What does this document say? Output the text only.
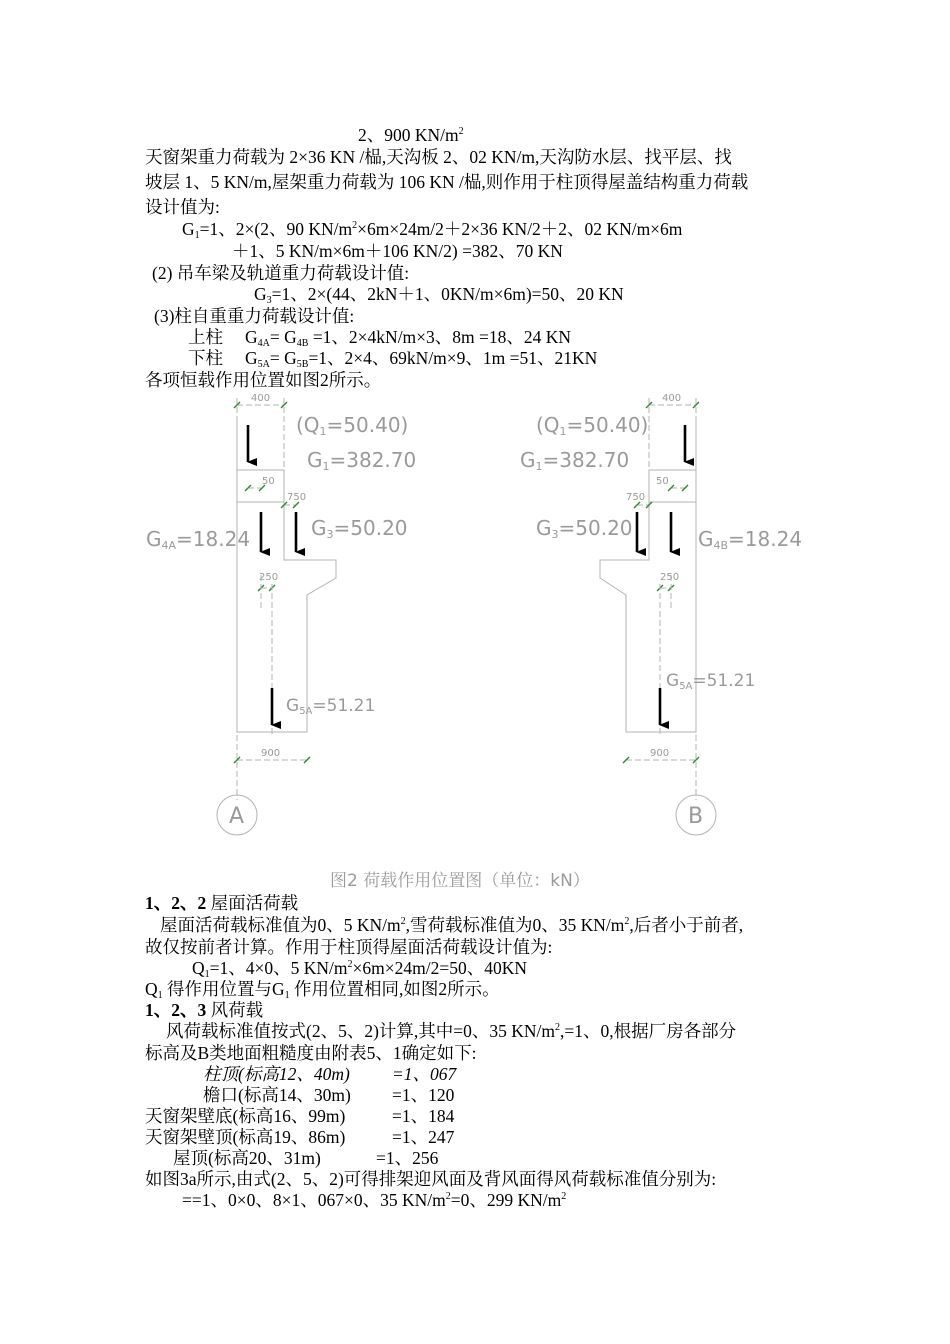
2、900 $KN/m^2$
天窗架重力荷载为 2×36 KN /榀,天沟板 2、02 KN/m,天沟防水层、找平层、找
坡层 1、5 KN/m,屋架重力荷载为 106 KN /榀,则作用于柱顶得屋盖结构重力荷载
设计值为:
$G_1=1$、2×(2、90 $KN/m^2\times 6m\times 24m/2+2\times 36$ KN/2＋2、02 KN/m×6m
＋1、5 KN/m×6m＋106 KN/2) =382、70 KN
(2) 吊车梁及轨道重力荷载设计值:
$G_3=1$、2×(44、2kN＋1、0KN/m×6m)=50、20 KN
(3)柱自重重力荷载设计值:
上柱 $G_{4A}= G_{4B} =1$、2×4kN/m×3、8m =18、24 KN
下柱 $G_{5A}= G_{5B}=1$、2×4、69kN/m×9、1m =51、21KN
各项恒载作用位置如图2所示。
400
50
750
250
900
400
50
750
250
900
(Q1=50.40)
G1=382.70
G3=50.20
G4A=18.24
G5A=51.21
A
(Q1=50.40)
G1=382.70
G3=50.20	G4B=18.24
G5A=51.21
B
图2 荷载作用位置图（单位：kN）
1、2、2 屋面活荷载
屋面活荷载标准值为0、5 $KN/m^2$,雪荷载标准值为0、35 $KN/m^2$,后者小于前者,
故仅按前者计算。作用于柱顶得屋面活荷载设计值为:
$Q_1=1$、4×0、5 $KN/m^2\times 6m\times 24m/2=50$、40KN
$Q_1$ 得作用位置与$G_1$ 作用位置相同,如图2所示。
1、2、3 风荷载
风荷载标准值按式(2、5、2)计算,其中=0、35 $KN/m^2,=1$、0,根据厂房各部分
标高及B类地面粗糙度由附表5、1确定如下:
柱顶(标高12、40m) =1、067
檐口(标高14、30m) =1、120
天窗架壁底(标高16、99m)	=1、184
天窗架壁顶(标高19、86m)	=1、247
屋顶(标高20、31m)	=1、256
如图3a所示,由式(2、5、2)可得排架迎风面及背风面得风荷载标准值分别为:
==1、0×0、8×1、067×0、35 $KN/m^2=0$、299 $KN/m^2$
